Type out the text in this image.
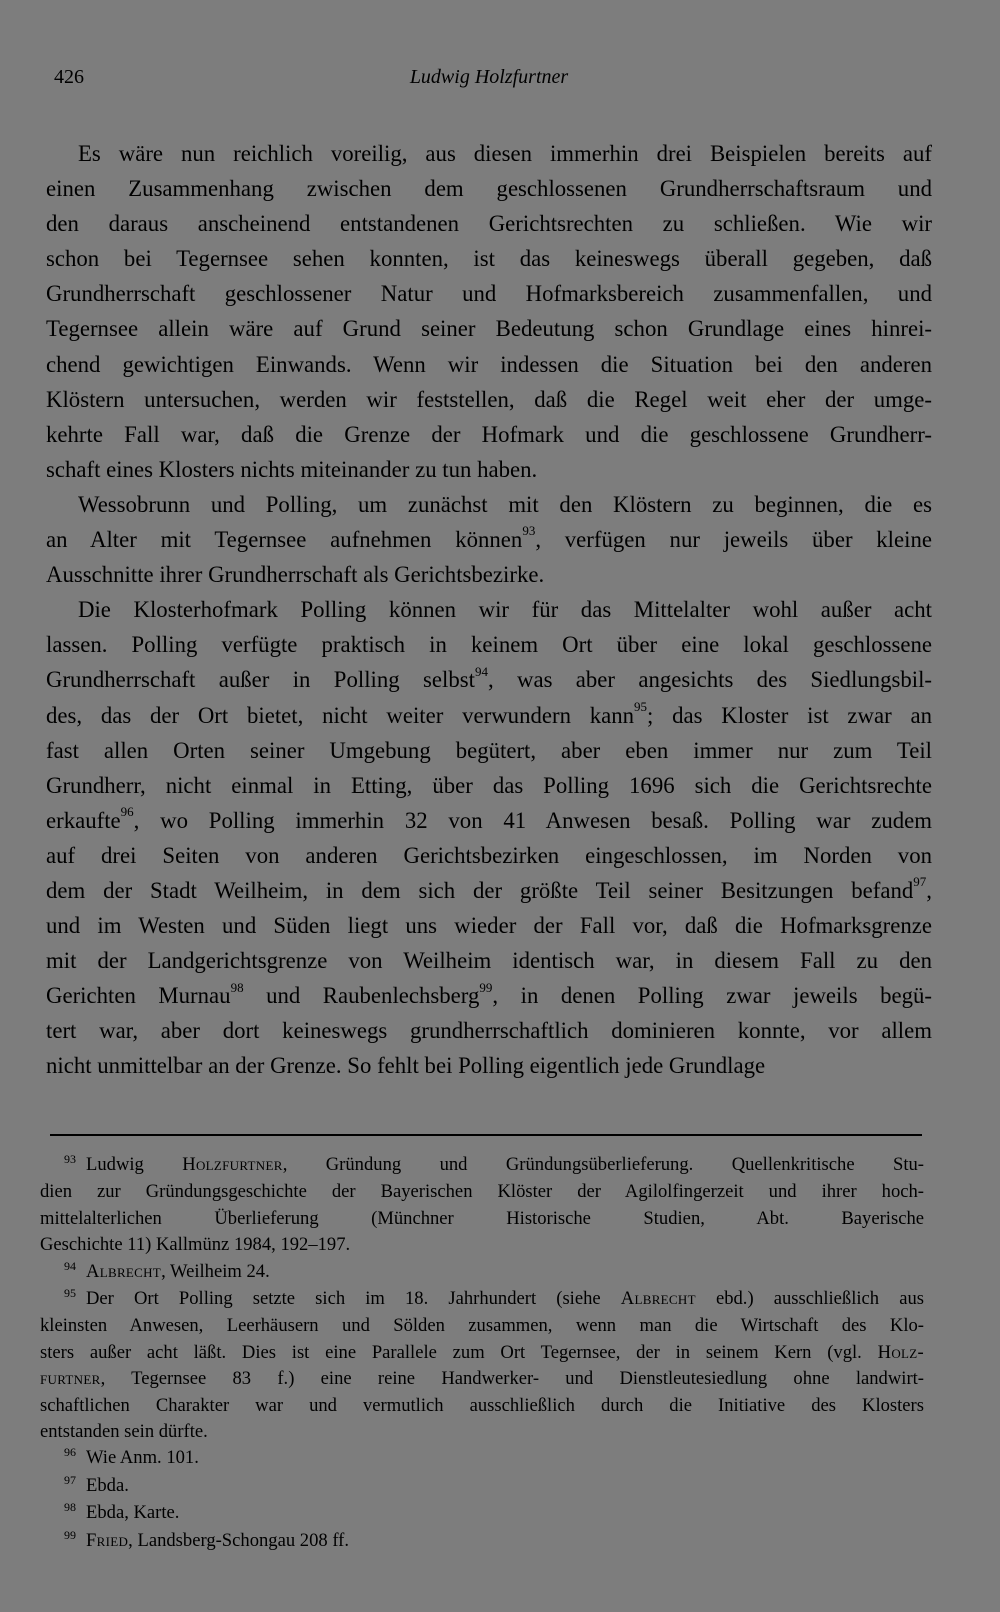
426	Ludwig Holzfurtner

Es wäre nun reichlich voreilig, aus diesen immerhin drei Beispielen bereits auf
einen Zusammenhang zwischen dem geschlossenen Grundherrschaftsraum und
den daraus anscheinend entstandenen Gerichtsrechten zu schließen. Wie wir
schon bei Tegernsee sehen konnten, ist das keineswegs überall gegeben, daß
Grundherrschaft geschlossener Natur und Hofmarksbereich zusammenfallen, und
Tegernsee allein wäre auf Grund seiner Bedeutung schon Grundlage eines hinrei-
chend gewichtigen Einwands. Wenn wir indessen die Situation bei den anderen
Klöstern untersuchen, werden wir feststellen, daß die Regel weit eher der umge-
kehrte Fall war, daß die Grenze der Hofmark und die geschlossene Grundherr-
schaft eines Klosters nichts miteinander zu tun haben.

Wessobrunn und Polling, um zunächst mit den Klöstern zu beginnen, die es
an Alter mit Tegernsee aufnehmen können$^{93}$, verfügen nur jeweils über kleine
Ausschnitte ihrer Grundherrschaft als Gerichtsbezirke.

Die Klosterhofmark Polling können wir für das Mittelalter wohl außer acht
lassen. Polling verfügte praktisch in keinem Ort über eine lokal geschlossene
Grundherrschaft außer in Polling selbst$^{94}$, was aber angesichts des Siedlungsbil-
des, das der Ort bietet, nicht weiter verwundern kann$^{95}$; das Kloster ist zwar an
fast allen Orten seiner Umgebung begütert, aber eben immer nur zum Teil
Grundherr, nicht einmal in Etting, über das Polling 1696 sich die Gerichtsrechte
erkaufte$^{96}$, wo Polling immerhin 32 von 41 Anwesen besaß. Polling war zudem
auf drei Seiten von anderen Gerichtsbezirken eingeschlossen, im Norden von
dem der Stadt Weilheim, in dem sich der größte Teil seiner Besitzungen befand$^{97}$,
und im Westen und Süden liegt uns wieder der Fall vor, daß die Hofmarksgrenze
mit der Landgerichtsgrenze von Weilheim identisch war, in diesem Fall zu den
Gerichten Murnau$^{98}$ und Raubenlechsberg$^{99}$, in denen Polling zwar jeweils begü-
tert war, aber dort keineswegs grundherrschaftlich dominieren konnte, vor allem
nicht unmittelbar an der Grenze. So fehlt bei Polling eigentlich jede Grundlage

$^{93}$ Ludwig Holzfurtner, Gründung und Gründungsüberlieferung. Quellenkritische Stu-
dien zur Gründungsgeschichte der Bayerischen Klöster der Agilolfingerzeit und ihrer hoch-
mittelalterlichen Überlieferung (Münchner Historische Studien, Abt. Bayerische
Geschichte 11) Kallmünz 1984, 192–197.

$^{94}$ Albrecht, Weilheim 24.

$^{95}$ Der Ort Polling setzte sich im 18. Jahrhundert (siehe Albrecht ebd.) ausschließlich aus
kleinsten Anwesen, Leerhäusern und Sölden zusammen, wenn man die Wirtschaft des Klo-
sters außer acht läßt. Dies ist eine Parallele zum Ort Tegernsee, der in seinem Kern (vgl. Holz-
furtner, Tegernsee 83 f.) eine reine Handwerker- und Dienstleutesiedlung ohne landwirt-
schaftlichen Charakter war und vermutlich ausschließlich durch die Initiative des Klosters
entstanden sein dürfte.

$^{96}$ Wie Anm. 101.

$^{97}$ Ebda.

$^{98}$ Ebda, Karte.

$^{99}$ Fried, Landsberg-Schongau 208 ff.
